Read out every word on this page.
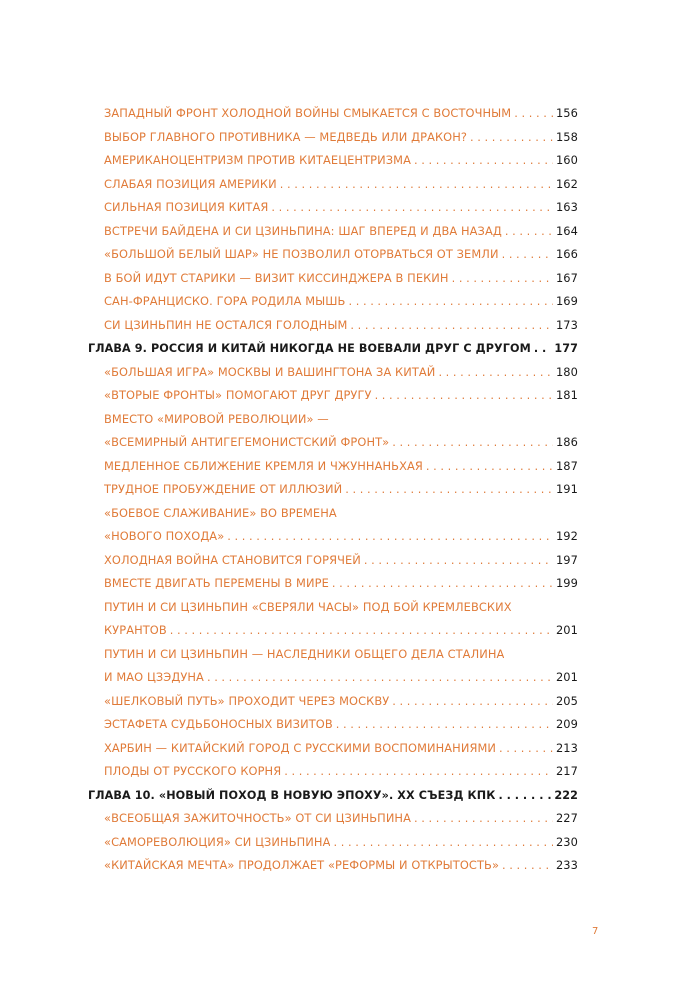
ЗАПАДНЫЙ ФРОНТ ХОЛОДНОЙ ВОЙНЫ СМЫКАЕТСЯ С ВОСТОЧНЫМ . . .	156
ВЫБОР ГЛАВНОГО ПРОТИВНИКА — МЕДВЕДЬ ИЛИ ДРАКОН? . . .	158
АМЕРИКАНОЦЕНТРИЗМ ПРОТИВ КИТАЕЦЕНТРИЗМА . . .	160
СЛАБАЯ ПОЗИЦИЯ АМЕРИКИ . . .	162
СИЛЬНАЯ ПОЗИЦИЯ КИТАЯ . . .	163
ВСТРЕЧИ БАЙДЕНА И СИ ЦЗИНЬПИНА: ШАГ ВПЕРЕД И ДВА НАЗАД . . .	164
«БОЛЬШОЙ БЕЛЫЙ ШАР» НЕ ПОЗВОЛИЛ ОТОРВАТЬСЯ ОТ ЗЕМЛИ . . .	166
В БОЙ ИДУТ СТАРИКИ — ВИЗИТ КИССИНДЖЕРА В ПЕКИН . . .	167
САН-ФРАНЦИСКО. ГОРА РОДИЛА МЫШЬ . . .	169
СИ ЦЗИНЬПИН НЕ ОСТАЛСЯ ГОЛОДНЫМ . . .	173
ГЛАВА 9. РОССИЯ И КИТАЙ НИКОГДА НЕ ВОЕВАЛИ ДРУГ С ДРУГОМ . . . 177
«БОЛЬШАЯ ИГРА» МОСКВЫ И ВАШИНГТОНА ЗА КИТАЙ . . .	180
«ВТОРЫЕ ФРОНТЫ» ПОМОГАЮТ ДРУГ ДРУГУ . . .	181
ВМЕСТО «МИРОВОЙ РЕВОЛЮЦИИ» —
«ВСЕМИРНЫЙ АНТИГЕГЕМОНИСТСКИЙ ФРОНТ» . . .	186
МЕДЛЕННОЕ СБЛИЖЕНИЕ КРЕМЛЯ И ЧЖУННАНЬХАЯ . . .	187
ТРУДНОЕ ПРОБУЖДЕНИЕ ОТ ИЛЛЮЗИЙ . . .	191
«БОЕВОЕ СЛАЖИВАНИЕ» ВО ВРЕМЕНА
«НОВОГО ПОХОДА» . . .	192
ХОЛОДНАЯ ВОЙНА СТАНОВИТСЯ ГОРЯЧЕЙ . . .	197
ВМЕСТЕ ДВИГАТЬ ПЕРЕМЕНЫ В МИРЕ . . .	199
ПУТИН И СИ ЦЗИНЬПИН «СВЕРЯЛИ ЧАСЫ» ПОД БОЙ КРЕМЛЕВСКИХ
КУРАНТОВ . . .	201
ПУТИН И СИ ЦЗИНЬПИН — НАСЛЕДНИКИ ОБЩЕГО ДЕЛА СТАЛИНА
И МАО ЦЗЭДУНА . . .	201
«ШЕЛКОВЫЙ ПУТЬ» ПРОХОДИТ ЧЕРЕЗ МОСКВУ . . .	205
ЭСТАФЕТА СУДЬБОНОСНЫХ ВИЗИТОВ . . .	209
ХАРБИН — КИТАЙСКИЙ ГОРОД С РУССКИМИ ВОСПОМИНАНИЯМИ . . .	213
ПЛОДЫ ОТ РУССКОГО КОРНЯ . . .	217
ГЛАВА 10. «НОВЫЙ ПОХОД В НОВУЮ ЭПОХУ». XX СЪЕЗД КПК . . .	222
«ВСЕОБЩАЯ ЗАЖИТОЧНОСТЬ» ОТ СИ ЦЗИНЬПИНА . . .	227
«САМОРЕВОЛЮЦИЯ» СИ ЦЗИНЬПИНА . . .	230
«КИТАЙСКАЯ МЕЧТА» ПРОДОЛЖАЕТ «РЕФОРМЫ И ОТКРЫТОСТЬ» . . .	233
7
